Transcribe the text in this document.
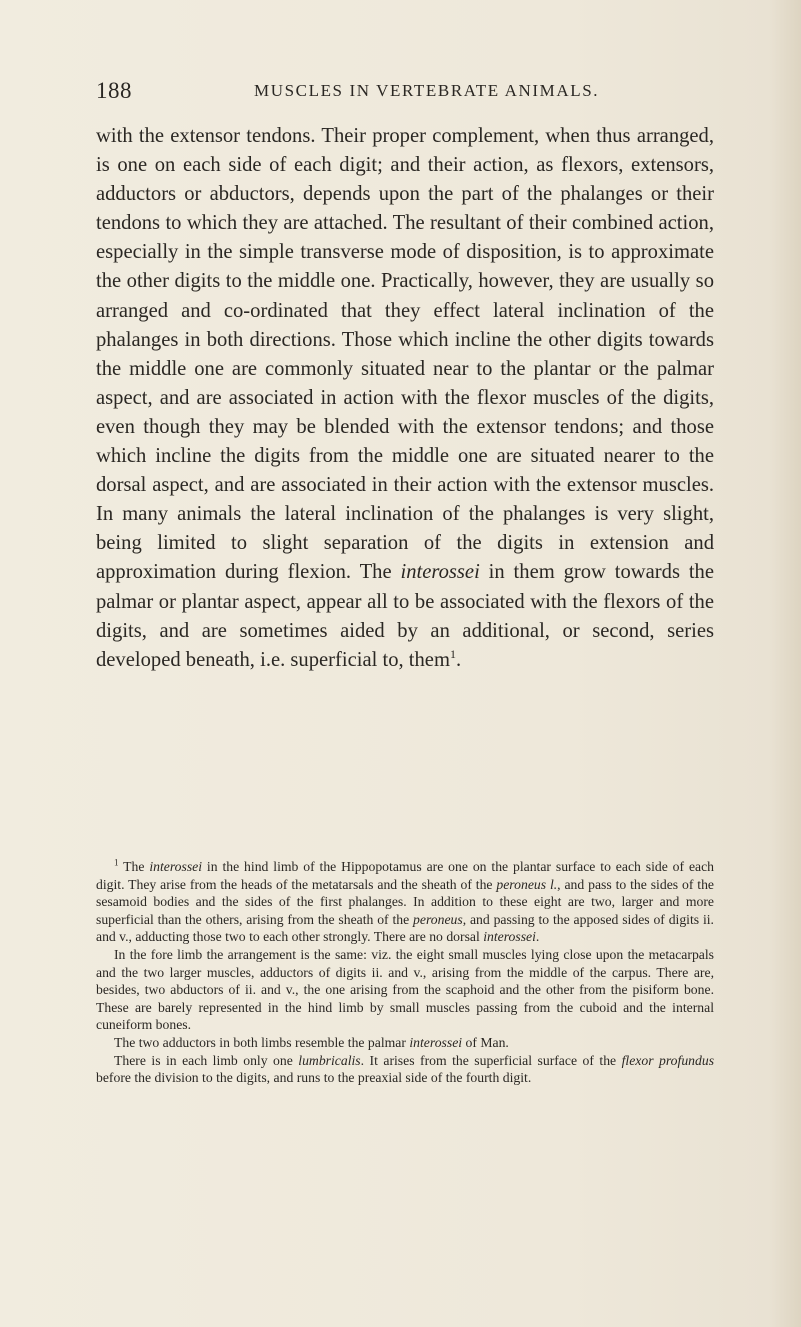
188	MUSCLES IN VERTEBRATE ANIMALS.

with the extensor tendons. Their proper complement, when thus arranged, is one on each side of each digit; and their action, as flexors, extensors, adductors or abductors, depends upon the part of the phalanges or their tendons to which they are attached. The resultant of their combined action, especially in the simple transverse mode of disposition, is to approximate the other digits to the middle one. Practically, however, they are usually so arranged and co-ordinated that they effect lateral inclination of the phalanges in both directions. Those which incline the other digits towards the middle one are commonly situated near to the plantar or the palmar aspect, and are associated in action with the flexor muscles of the digits, even though they may be blended with the extensor tendons; and those which incline the digits from the middle one are situated nearer to the dorsal aspect, and are associated in their action with the extensor muscles. In many animals the lateral inclination of the phalanges is very slight, being limited to slight separation of the digits in extension and approximation during flexion. The interossei in them grow towards the palmar or plantar aspect, appear all to be associated with the flexors of the digits, and are sometimes aided by an additional, or second, series developed beneath, i.e. superficial to, them$^1$.

$^1$ The interossei in the hind limb of the Hippopotamus are one on the plantar surface to each side of each digit. They arise from the heads of the metatarsals and the sheath of the peroneus l., and pass to the sides of the sesamoid bodies and the sides of the first phalanges. In addition to these eight are two, larger and more superficial than the others, arising from the sheath of the peroneus, and passing to the apposed sides of digits ii. and v., adducting those two to each other strongly. There are no dorsal interossei.

In the fore limb the arrangement is the same: viz. the eight small muscles lying close upon the metacarpals and the two larger muscles, adductors of digits ii. and v., arising from the middle of the carpus. There are, besides, two abductors of ii. and v., the one arising from the scaphoid and the other from the pisiform bone. These are barely represented in the hind limb by small muscles passing from the cuboid and the internal cuneiform bones.

The two adductors in both limbs resemble the palmar interossei of Man.

There is in each limb only one lumbricalis. It arises from the superficial surface of the flexor profundus before the division to the digits, and runs to the preaxial side of the fourth digit.
